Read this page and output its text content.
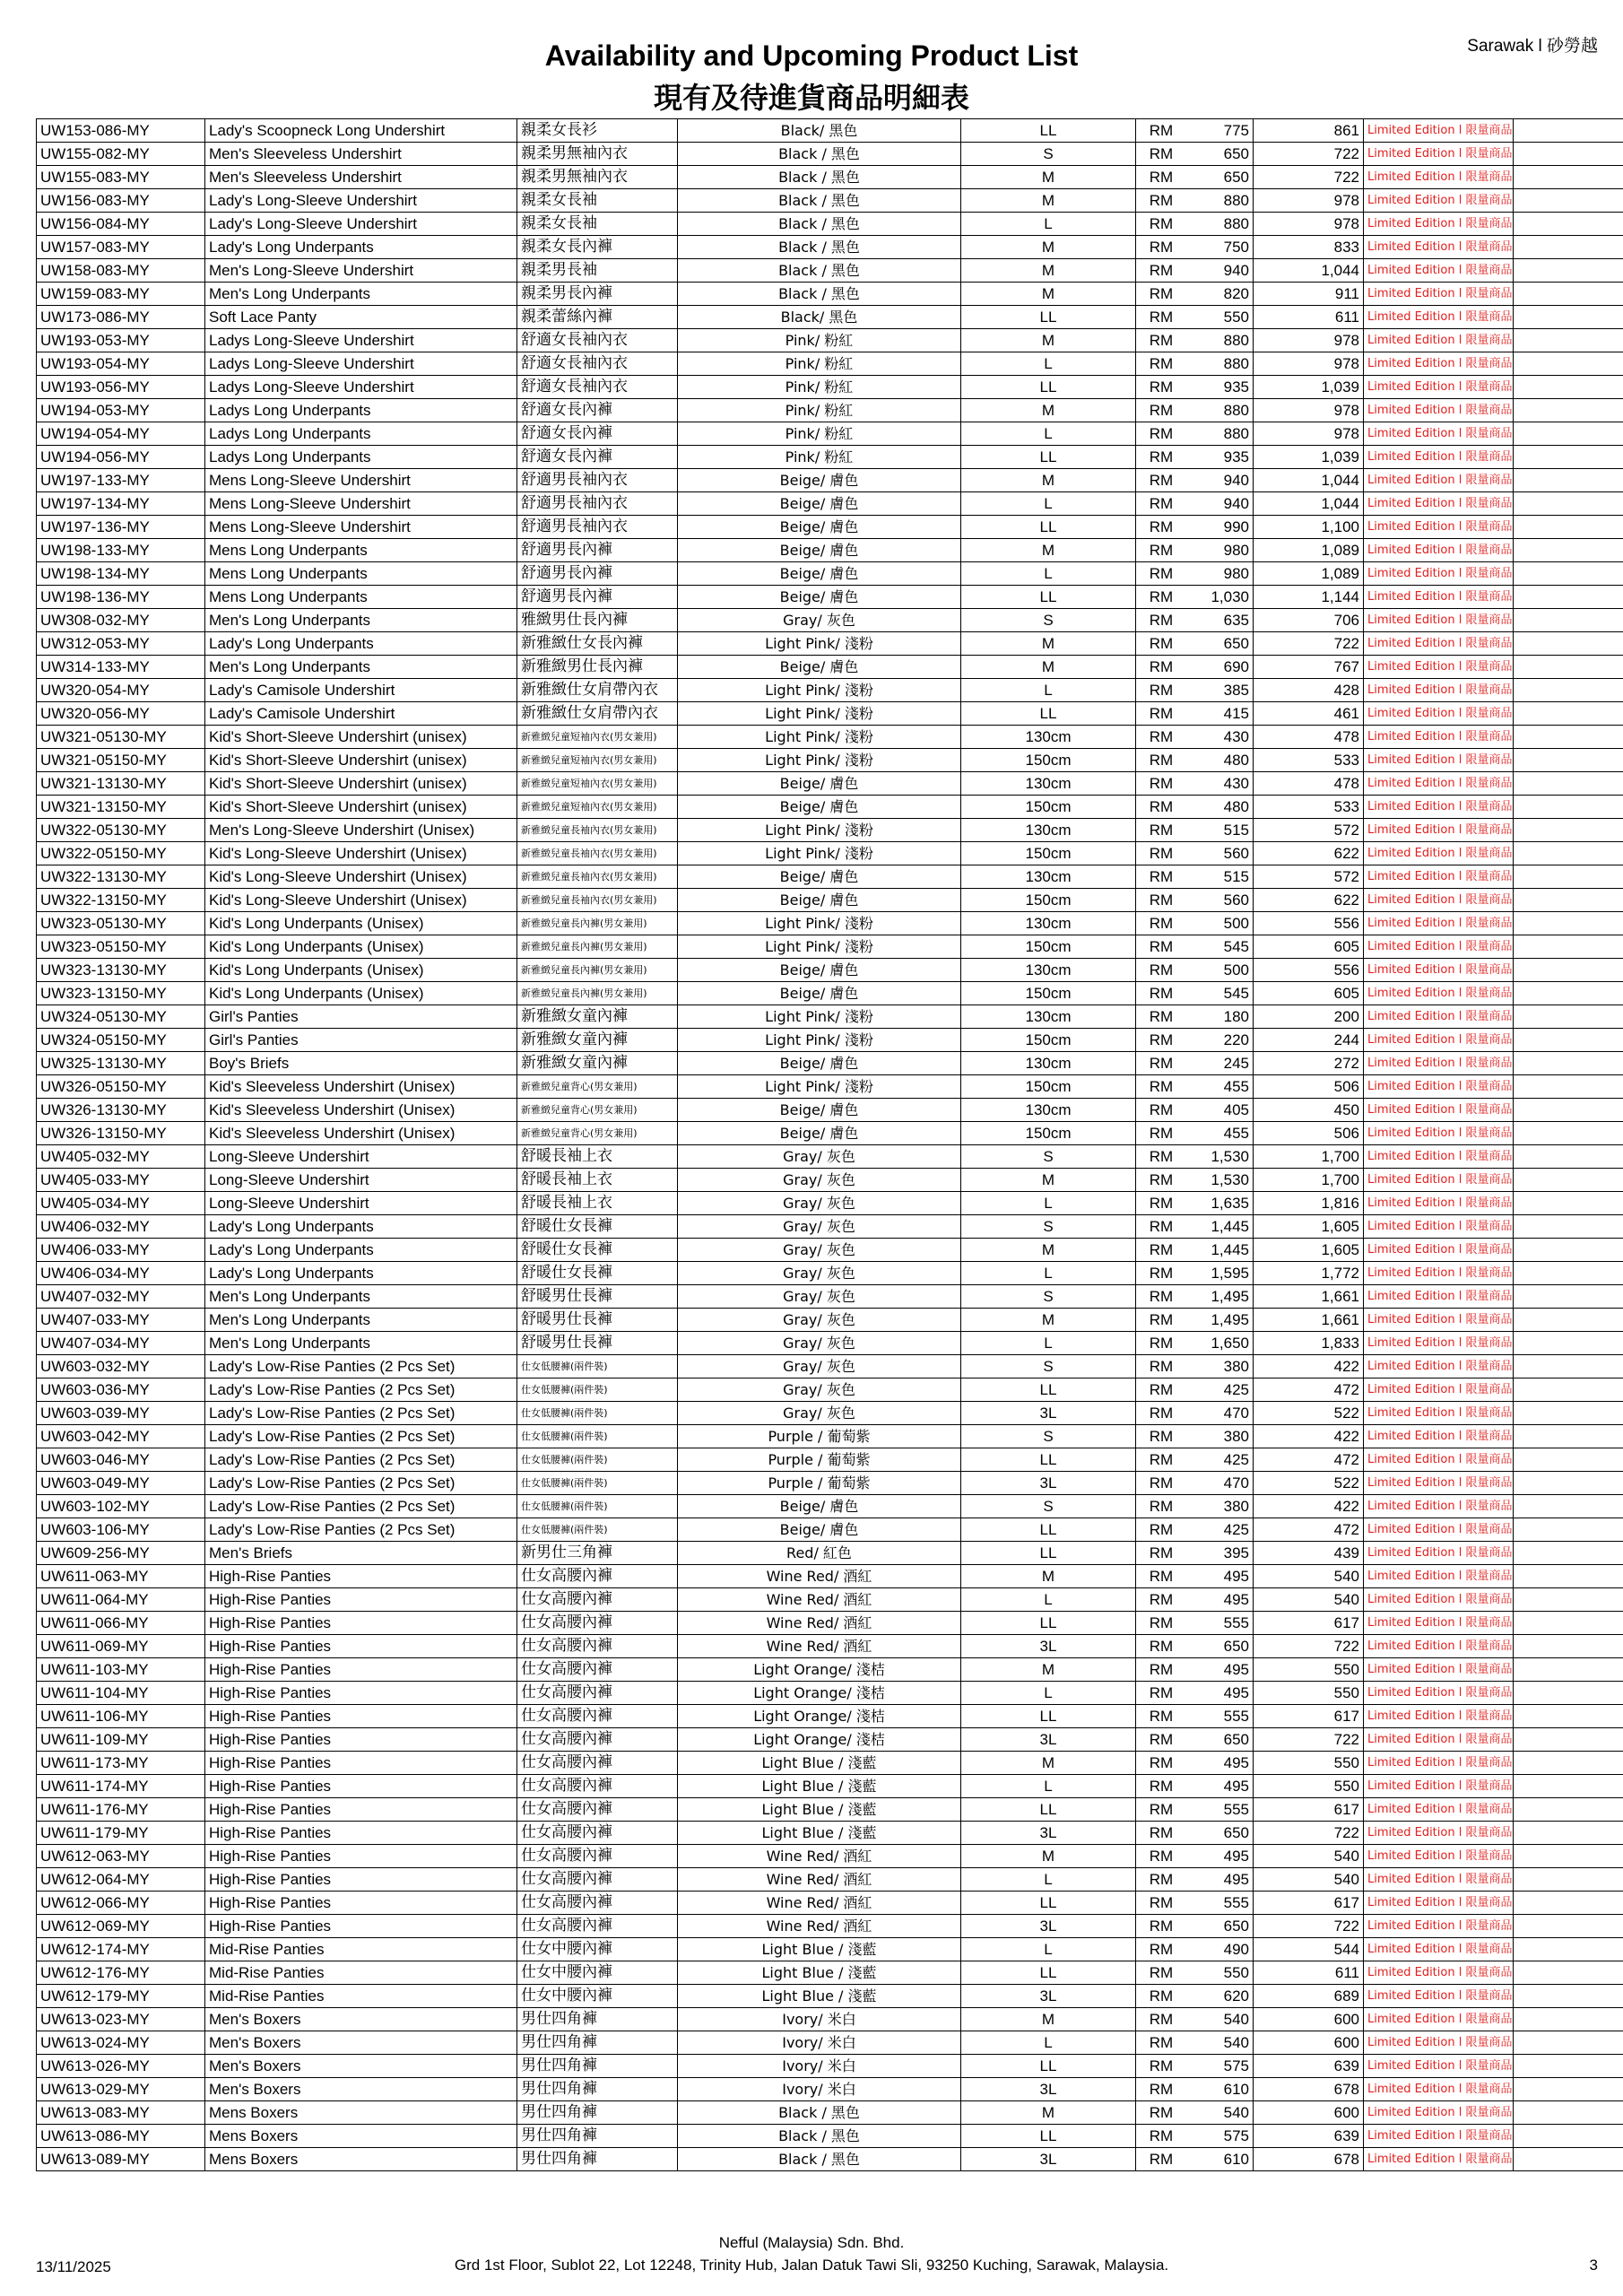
Sarawak l 砂勞越
Availability and Upcoming Product List
現有及待進貨商品明細表
UW153-086-MY	Lady's Scoopneck Long Undershirt	親柔女長衫	Black/ 黑色	LL	RM	775	861	Limited Edition l 限量商品	
UW155-082-MY	Men's Sleeveless Undershirt	親柔男無袖內衣	Black / 黑色	S	RM	650	722	Limited Edition l 限量商品	
UW155-083-MY	Men's Sleeveless Undershirt	親柔男無袖內衣	Black / 黑色	M	RM	650	722	Limited Edition l 限量商品	
UW156-083-MY	Lady's Long-Sleeve Undershirt	親柔女長袖	Black / 黑色	M	RM	880	978	Limited Edition l 限量商品	
UW156-084-MY	Lady's Long-Sleeve Undershirt	親柔女長袖	Black / 黑色	L	RM	880	978	Limited Edition l 限量商品	
UW157-083-MY	Lady's Long Underpants	親柔女長內褲	Black / 黑色	M	RM	750	833	Limited Edition l 限量商品	
UW158-083-MY	Men's Long-Sleeve Undershirt	親柔男長袖	Black / 黑色	M	RM	940	1,044	Limited Edition l 限量商品	
UW159-083-MY	Men's Long Underpants	親柔男長內褲	Black / 黑色	M	RM	820	911	Limited Edition l 限量商品	
UW173-086-MY	Soft Lace Panty	親柔蕾絲內褲	Black/ 黑色	LL	RM	550	611	Limited Edition l 限量商品	
UW193-053-MY	Ladys Long-Sleeve Undershirt	舒適女長袖內衣	Pink/ 粉紅	M	RM	880	978	Limited Edition l 限量商品	
UW193-054-MY	Ladys Long-Sleeve Undershirt	舒適女長袖內衣	Pink/ 粉紅	L	RM	880	978	Limited Edition l 限量商品	
UW193-056-MY	Ladys Long-Sleeve Undershirt	舒適女長袖內衣	Pink/ 粉紅	LL	RM	935	1,039	Limited Edition l 限量商品	
UW194-053-MY	Ladys Long Underpants	舒適女長內褲	Pink/ 粉紅	M	RM	880	978	Limited Edition l 限量商品	
UW194-054-MY	Ladys Long Underpants	舒適女長內褲	Pink/ 粉紅	L	RM	880	978	Limited Edition l 限量商品	
UW194-056-MY	Ladys Long Underpants	舒適女長內褲	Pink/ 粉紅	LL	RM	935	1,039	Limited Edition l 限量商品	
UW197-133-MY	Mens Long-Sleeve Undershirt	舒適男長袖內衣	Beige/ 膚色	M	RM	940	1,044	Limited Edition l 限量商品	
UW197-134-MY	Mens Long-Sleeve Undershirt	舒適男長袖內衣	Beige/ 膚色	L	RM	940	1,044	Limited Edition l 限量商品	
UW197-136-MY	Mens Long-Sleeve Undershirt	舒適男長袖內衣	Beige/ 膚色	LL	RM	990	1,100	Limited Edition l 限量商品	
UW198-133-MY	Mens Long Underpants	舒適男長內褲	Beige/ 膚色	M	RM	980	1,089	Limited Edition l 限量商品	
UW198-134-MY	Mens Long Underpants	舒適男長內褲	Beige/ 膚色	L	RM	980	1,089	Limited Edition l 限量商品	
UW198-136-MY	Mens Long Underpants	舒適男長內褲	Beige/ 膚色	LL	RM	1,030	1,144	Limited Edition l 限量商品	
UW308-032-MY	Men's Long Underpants	雅緻男仕長內褲	Gray/ 灰色	S	RM	635	706	Limited Edition l 限量商品	
UW312-053-MY	Lady's Long Underpants	新雅緻仕女長內褲	Light Pink/ 淺粉	M	RM	650	722	Limited Edition l 限量商品	
UW314-133-MY	Men's Long Underpants	新雅緻男仕長內褲	Beige/ 膚色	M	RM	690	767	Limited Edition l 限量商品	
UW320-054-MY	Lady's Camisole Undershirt	新雅緻仕女肩帶內衣	Light Pink/ 淺粉	L	RM	385	428	Limited Edition l 限量商品	
UW320-056-MY	Lady's Camisole Undershirt	新雅緻仕女肩帶內衣	Light Pink/ 淺粉	LL	RM	415	461	Limited Edition l 限量商品	
UW321-05130-MY	Kid's Short-Sleeve Undershirt (unisex)	新雅緻兒童短袖內衣(男女兼用)	Light Pink/ 淺粉	130cm	RM	430	478	Limited Edition l 限量商品	
UW321-05150-MY	Kid's Short-Sleeve Undershirt (unisex)	新雅緻兒童短袖內衣(男女兼用)	Light Pink/ 淺粉	150cm	RM	480	533	Limited Edition l 限量商品	
UW321-13130-MY	Kid's Short-Sleeve Undershirt (unisex)	新雅緻兒童短袖內衣(男女兼用)	Beige/ 膚色	130cm	RM	430	478	Limited Edition l 限量商品	
UW321-13150-MY	Kid's Short-Sleeve Undershirt (unisex)	新雅緻兒童短袖內衣(男女兼用)	Beige/ 膚色	150cm	RM	480	533	Limited Edition l 限量商品	
UW322-05130-MY	Men's Long-Sleeve Undershirt (Unisex)	新雅緻兒童長袖內衣(男女兼用)	Light Pink/ 淺粉	130cm	RM	515	572	Limited Edition l 限量商品	
UW322-05150-MY	Kid's Long-Sleeve Undershirt (Unisex)	新雅緻兒童長袖內衣(男女兼用)	Light Pink/ 淺粉	150cm	RM	560	622	Limited Edition l 限量商品	
UW322-13130-MY	Kid's Long-Sleeve Undershirt (Unisex)	新雅緻兒童長袖內衣(男女兼用)	Beige/ 膚色	130cm	RM	515	572	Limited Edition l 限量商品	
UW322-13150-MY	Kid's Long-Sleeve Undershirt (Unisex)	新雅緻兒童長袖內衣(男女兼用)	Beige/ 膚色	150cm	RM	560	622	Limited Edition l 限量商品	
UW323-05130-MY	Kid's Long Underpants (Unisex)	新雅緻兒童長內褲(男女兼用)	Light Pink/ 淺粉	130cm	RM	500	556	Limited Edition l 限量商品	
UW323-05150-MY	Kid's Long Underpants (Unisex)	新雅緻兒童長內褲(男女兼用)	Light Pink/ 淺粉	150cm	RM	545	605	Limited Edition l 限量商品	
UW323-13130-MY	Kid's Long Underpants (Unisex)	新雅緻兒童長內褲(男女兼用)	Beige/ 膚色	130cm	RM	500	556	Limited Edition l 限量商品	
UW323-13150-MY	Kid's Long Underpants (Unisex)	新雅緻兒童長內褲(男女兼用)	Beige/ 膚色	150cm	RM	545	605	Limited Edition l 限量商品	
UW324-05130-MY	Girl's Panties	新雅緻女童內褲	Light Pink/ 淺粉	130cm	RM	180	200	Limited Edition l 限量商品	
UW324-05150-MY	Girl's Panties	新雅緻女童內褲	Light Pink/ 淺粉	150cm	RM	220	244	Limited Edition l 限量商品	
UW325-13130-MY	Boy's Briefs	新雅緻女童內褲	Beige/ 膚色	130cm	RM	245	272	Limited Edition l 限量商品	
UW326-05150-MY	Kid's Sleeveless Undershirt (Unisex)	新雅緻兒童背心(男女兼用)	Light Pink/ 淺粉	150cm	RM	455	506	Limited Edition l 限量商品	
UW326-13130-MY	Kid's Sleeveless Undershirt (Unisex)	新雅緻兒童背心(男女兼用)	Beige/ 膚色	130cm	RM	405	450	Limited Edition l 限量商品	
UW326-13150-MY	Kid's Sleeveless Undershirt (Unisex)	新雅緻兒童背心(男女兼用)	Beige/ 膚色	150cm	RM	455	506	Limited Edition l 限量商品	
UW405-032-MY	Long-Sleeve Undershirt	舒暖長袖上衣	Gray/ 灰色	S	RM	1,530	1,700	Limited Edition l 限量商品	
UW405-033-MY	Long-Sleeve Undershirt	舒暖長袖上衣	Gray/ 灰色	M	RM	1,530	1,700	Limited Edition l 限量商品	
UW405-034-MY	Long-Sleeve Undershirt	舒暖長袖上衣	Gray/ 灰色	L	RM	1,635	1,816	Limited Edition l 限量商品	
UW406-032-MY	Lady's Long Underpants	舒暖仕女長褲	Gray/ 灰色	S	RM	1,445	1,605	Limited Edition l 限量商品	
UW406-033-MY	Lady's Long Underpants	舒暖仕女長褲	Gray/ 灰色	M	RM	1,445	1,605	Limited Edition l 限量商品	
UW406-034-MY	Lady's Long Underpants	舒暖仕女長褲	Gray/ 灰色	L	RM	1,595	1,772	Limited Edition l 限量商品	
UW407-032-MY	Men's Long Underpants	舒暖男仕長褲	Gray/ 灰色	S	RM	1,495	1,661	Limited Edition l 限量商品	
UW407-033-MY	Men's Long Underpants	舒暖男仕長褲	Gray/ 灰色	M	RM	1,495	1,661	Limited Edition l 限量商品	
UW407-034-MY	Men's Long Underpants	舒暖男仕長褲	Gray/ 灰色	L	RM	1,650	1,833	Limited Edition l 限量商品	
UW603-032-MY	Lady's Low-Rise Panties (2 Pcs Set)	仕女低腰褲(兩件裝)	Gray/ 灰色	S	RM	380	422	Limited Edition l 限量商品	
UW603-036-MY	Lady's Low-Rise Panties (2 Pcs Set)	仕女低腰褲(兩件裝)	Gray/ 灰色	LL	RM	425	472	Limited Edition l 限量商品	
UW603-039-MY	Lady's Low-Rise Panties (2 Pcs Set)	仕女低腰褲(兩件裝)	Gray/ 灰色	3L	RM	470	522	Limited Edition l 限量商品	
UW603-042-MY	Lady's Low-Rise Panties (2 Pcs Set)	仕女低腰褲(兩件裝)	Purple / 葡萄紫	S	RM	380	422	Limited Edition l 限量商品	
UW603-046-MY	Lady's Low-Rise Panties (2 Pcs Set)	仕女低腰褲(兩件裝)	Purple / 葡萄紫	LL	RM	425	472	Limited Edition l 限量商品	
UW603-049-MY	Lady's Low-Rise Panties (2 Pcs Set)	仕女低腰褲(兩件裝)	Purple / 葡萄紫	3L	RM	470	522	Limited Edition l 限量商品	
UW603-102-MY	Lady's Low-Rise Panties (2 Pcs Set)	仕女低腰褲(兩件裝)	Beige/ 膚色	S	RM	380	422	Limited Edition l 限量商品	
UW603-106-MY	Lady's Low-Rise Panties (2 Pcs Set)	仕女低腰褲(兩件裝)	Beige/ 膚色	LL	RM	425	472	Limited Edition l 限量商品	
UW609-256-MY	Men's Briefs	新男仕三角褲	Red/ 紅色	LL	RM	395	439	Limited Edition l 限量商品	
UW611-063-MY	High-Rise Panties	仕女高腰內褲	Wine Red/ 酒紅	M	RM	495	540	Limited Edition l 限量商品	
UW611-064-MY	High-Rise Panties	仕女高腰內褲	Wine Red/ 酒紅	L	RM	495	540	Limited Edition l 限量商品	
UW611-066-MY	High-Rise Panties	仕女高腰內褲	Wine Red/ 酒紅	LL	RM	555	617	Limited Edition l 限量商品	
UW611-069-MY	High-Rise Panties	仕女高腰內褲	Wine Red/ 酒紅	3L	RM	650	722	Limited Edition l 限量商品	
UW611-103-MY	High-Rise Panties	仕女高腰內褲	Light Orange/ 淺桔	M	RM	495	550	Limited Edition l 限量商品	
UW611-104-MY	High-Rise Panties	仕女高腰內褲	Light Orange/ 淺桔	L	RM	495	550	Limited Edition l 限量商品	
UW611-106-MY	High-Rise Panties	仕女高腰內褲	Light Orange/ 淺桔	LL	RM	555	617	Limited Edition l 限量商品	
UW611-109-MY	High-Rise Panties	仕女高腰內褲	Light Orange/ 淺桔	3L	RM	650	722	Limited Edition l 限量商品	
UW611-173-MY	High-Rise Panties	仕女高腰內褲	Light Blue / 淺藍	M	RM	495	550	Limited Edition l 限量商品	
UW611-174-MY	High-Rise Panties	仕女高腰內褲	Light Blue / 淺藍	L	RM	495	550	Limited Edition l 限量商品	
UW611-176-MY	High-Rise Panties	仕女高腰內褲	Light Blue / 淺藍	LL	RM	555	617	Limited Edition l 限量商品	
UW611-179-MY	High-Rise Panties	仕女高腰內褲	Light Blue / 淺藍	3L	RM	650	722	Limited Edition l 限量商品	
UW612-063-MY	High-Rise Panties	仕女高腰內褲	Wine Red/ 酒紅	M	RM	495	540	Limited Edition l 限量商品	
UW612-064-MY	High-Rise Panties	仕女高腰內褲	Wine Red/ 酒紅	L	RM	495	540	Limited Edition l 限量商品	
UW612-066-MY	High-Rise Panties	仕女高腰內褲	Wine Red/ 酒紅	LL	RM	555	617	Limited Edition l 限量商品	
UW612-069-MY	High-Rise Panties	仕女高腰內褲	Wine Red/ 酒紅	3L	RM	650	722	Limited Edition l 限量商品	
UW612-174-MY	Mid-Rise Panties	仕女中腰內褲	Light Blue / 淺藍	L	RM	490	544	Limited Edition l 限量商品	
UW612-176-MY	Mid-Rise Panties	仕女中腰內褲	Light Blue / 淺藍	LL	RM	550	611	Limited Edition l 限量商品	
UW612-179-MY	Mid-Rise Panties	仕女中腰內褲	Light Blue / 淺藍	3L	RM	620	689	Limited Edition l 限量商品	
UW613-023-MY	Men's Boxers	男仕四角褲	Ivory/ 米白	M	RM	540	600	Limited Edition l 限量商品	
UW613-024-MY	Men's Boxers	男仕四角褲	Ivory/ 米白	L	RM	540	600	Limited Edition l 限量商品	
UW613-026-MY	Men's Boxers	男仕四角褲	Ivory/ 米白	LL	RM	575	639	Limited Edition l 限量商品	
UW613-029-MY	Men's Boxers	男仕四角褲	Ivory/ 米白	3L	RM	610	678	Limited Edition l 限量商品	
UW613-083-MY	Mens Boxers	男仕四角褲	Black / 黑色	M	RM	540	600	Limited Edition l 限量商品	
UW613-086-MY	Mens Boxers	男仕四角褲	Black / 黑色	LL	RM	575	639	Limited Edition l 限量商品	
UW613-089-MY	Mens Boxers	男仕四角褲	Black / 黑色	3L	RM	610	678	Limited Edition l 限量商品	
Nefful (Malaysia) Sdn. Bhd.
13/11/2025	Grd 1st Floor, Sublot 22, Lot 12248, Trinity Hub, Jalan Datuk Tawi Sli, 93250 Kuching, Sarawak, Malaysia.	3
